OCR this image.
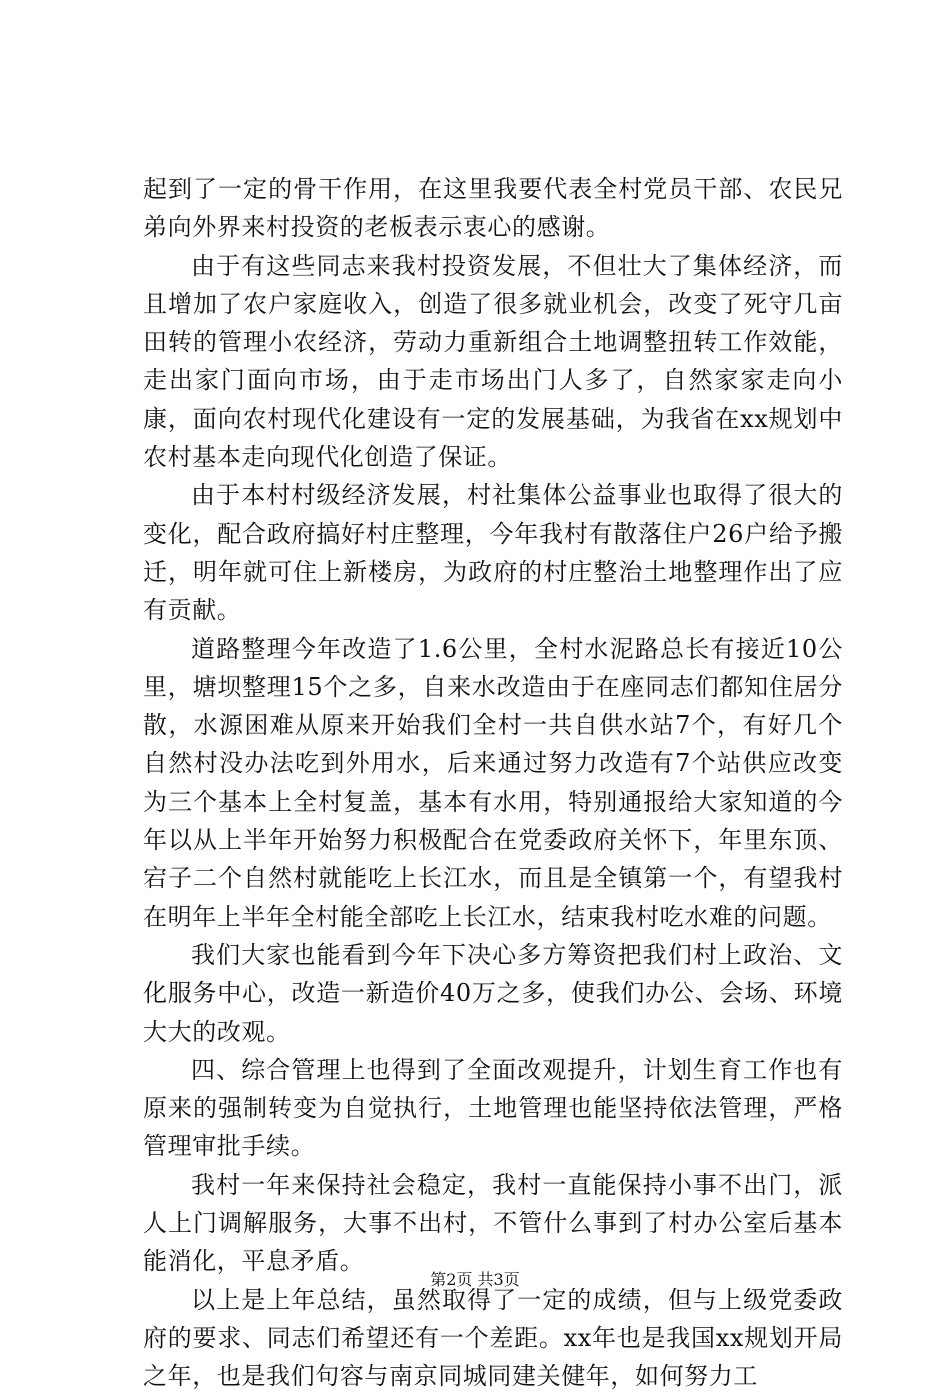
起到了一定的骨干作用，在这里我要代表全村党员干部、农民兄弟向外界来村投资的老板表示衷心的感谢。

由于有这些同志来我村投资发展，不但壮大了集体经济，而且增加了农户家庭收入，创造了很多就业机会，改变了死守几亩田转的管理小农经济，劳动力重新组合土地调整扭转工作效能，走出家门面向市场，由于走市场出门人多了，自然家家走向小康，面向农村现代化建设有一定的发展基础，为我省在xx规划中农村基本走向现代化创造了保证。

由于本村村级经济发展，村社集体公益事业也取得了很大的变化，配合政府搞好村庄整理，今年我村有散落住户26户给予搬迁，明年就可住上新楼房，为政府的村庄整治土地整理作出了应有贡献。

道路整理今年改造了1.6公里，全村水泥路总长有接近10公里，塘坝整理15个之多，自来水改造由于在座同志们都知住居分散，水源困难从原来开始我们全村一共自供水站7个，有好几个自然村没办法吃到外用水，后来通过努力改造有7个站供应改变为三个基本上全村复盖，基本有水用，特别通报给大家知道的今年以从上半年开始努力积极配合在党委政府关怀下，年里东顶、宕子二个自然村就能吃上长江水，而且是全镇第一个，有望我村在明年上半年全村能全部吃上长江水，结束我村吃水难的问题。

我们大家也能看到今年下决心多方筹资把我们村上政治、文化服务中心，改造一新造价40万之多，使我们办公、会场、环境大大的改观。

四、综合管理上也得到了全面改观提升，计划生育工作也有原来的强制转变为自觉执行，土地管理也能坚持依法管理，严格管理审批手续。

我村一年来保持社会稳定，我村一直能保持小事不出门，派人上门调解服务，大事不出村，不管什么事到了村办公室后基本能消化，平息矛盾。

以上是上年总结，虽然取得了一定的成绩，但与上级党委政府的要求、同志们希望还有一个差距。xx年也是我国xx规划开局之年，也是我们句容与南京同城同建关健年，如何努力工

第2页 共3页
